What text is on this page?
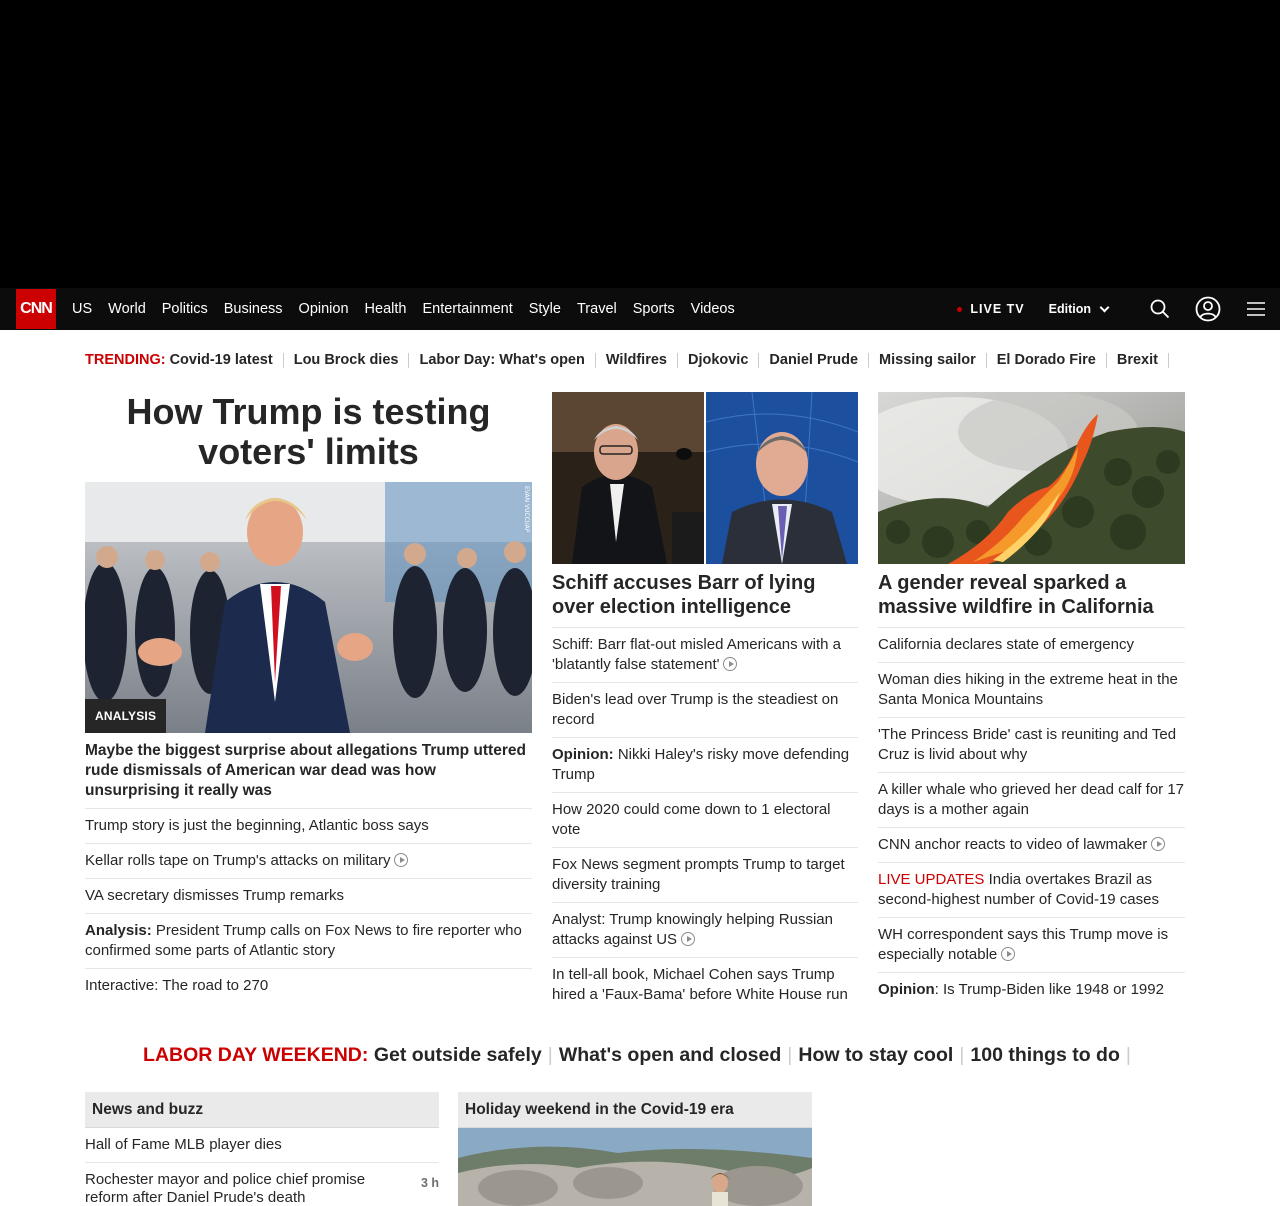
CNN	US	World	Politics	Business	Opinion	Health	Entertainment	Style	Travel	Sports	Videos	LIVE TV Edition
TRENDING: Covid-19 latest	Lou Brock dies	Labor Day: What's open	Wildfires	Djokovic	Daniel Prude	Missing sailor	El Dorado Fire	Brexit
How Trump is testing voters' limits
EVAN VUCCI/AP
ANALYSIS
Maybe the biggest surprise about allegations Trump uttered rude dismissals of American war dead was how unsurprising it really was
Trump story is just the beginning, Atlantic boss says
Kellar rolls tape on Trump's attacks on military
VA secretary dismisses Trump remarks
Analysis: President Trump calls on Fox News to fire reporter who confirmed some parts of Atlantic story
Interactive: The road to 270
Schiff accuses Barr of lying over election intelligence
Schiff: Barr flat-out misled Americans with a 'blatantly false statement'
Biden's lead over Trump is the steadiest on record
Opinion: Nikki Haley's risky move defending Trump
How 2020 could come down to 1 electoral vote
Fox News segment prompts Trump to target diversity training
Analyst: Trump knowingly helping Russian attacks against US
In tell-all book, Michael Cohen says Trump hired a 'Faux-Bama' before White House run
A gender reveal sparked a massive wildfire in California
California declares state of emergency
Woman dies hiking in the extreme heat in the Santa Monica Mountains
'The Princess Bride' cast is reuniting and Ted Cruz is livid about why
A killer whale who grieved her dead calf for 17 days is a mother again
CNN anchor reacts to video of lawmaker
LIVE UPDATES India overtakes Brazil as second-highest number of Covid-19 cases
WH correspondent says this Trump move is especially notable
Opinion: Is Trump-Biden like 1948 or 1992
LABOR DAY WEEKEND: Get outside safely | What's open and closed | How to stay cool | 100 things to do |
News and buzz
Hall of Fame MLB player dies
Rochester mayor and police chief promise reform after Daniel Prude's death
3 h
Holiday weekend in the Covid-19 era
